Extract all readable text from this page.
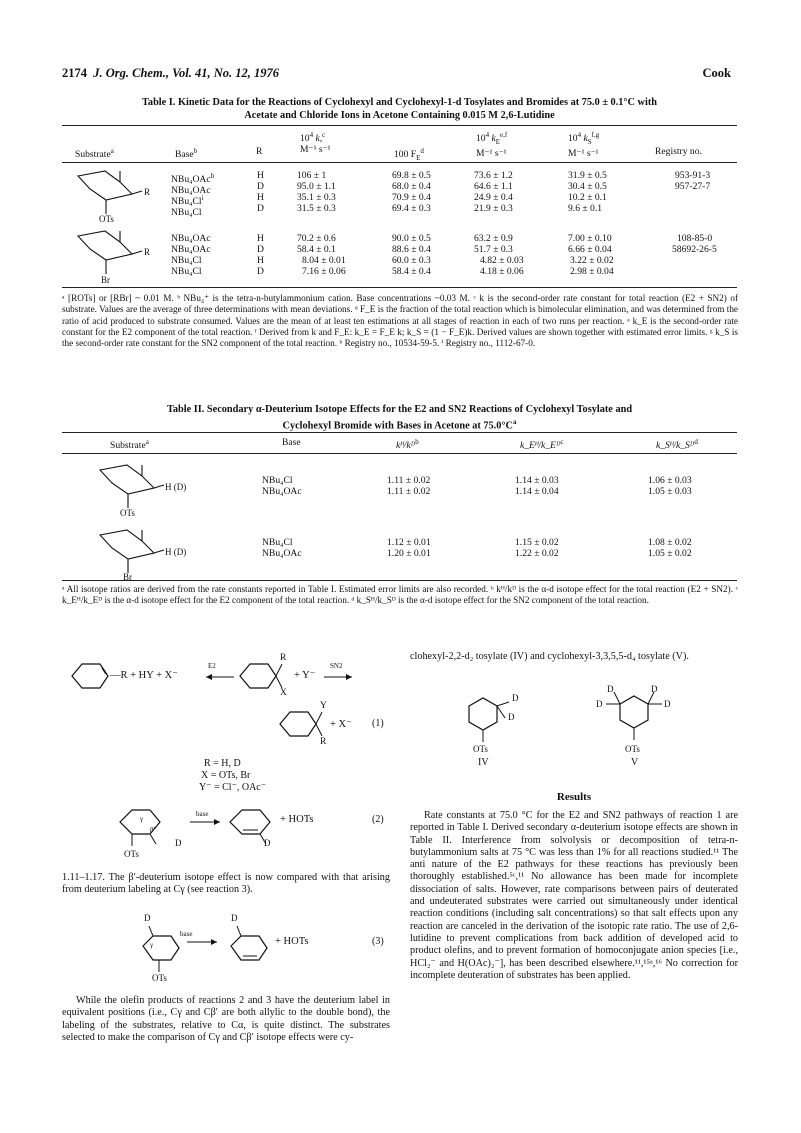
2174 J. Org. Chem., Vol. 41, No. 12, 1976	Cook
Table I. Kinetic Data for the Reactions of Cyclohexyl and Cyclohexyl-1-d Tosylates and Bromides at 75.0 ± 0.1°C with
Acetate and Chloride Ions in Acetone Containing 0.015 M 2,6-Lutidine
Substrate$^a$	Base$^b$	R
$10^4$ k,$^c$
M⁻¹ s⁻¹	100 $F_E^d$
$10^4$ $k_E^{e,f}$
M⁻¹ s⁻¹
$10^4$ $k_S^{f,g}$
M⁻¹ s⁻¹	Registry no.
R
OTs
R
Br
NBu₄OAc$^h$	H	106 ± 1	69.8 ± 0.5	73.6 ± 1.2	31.9 ± 0.5	953-91-3
NBu₄OAc	D	95.0 ± 1.1	68.0 ± 0.4	64.6 ± 1.1	30.4 ± 0.5	957-27-7
NBu₄Cl$^i$	H	35.1 ± 0.3	70.9 ± 0.4	24.9 ± 0.4	10.2 ± 0.1
NBu₄Cl	D	31.5 ± 0.3	69.4 ± 0.3	21.9 ± 0.3	9.6 ± 0.1
NBu₄OAc	H	70.2 ± 0.6	90.0 ± 0.5	63.2 ± 0.9	7.00 ± 0.10	108-85-0
NBu₄OAc	D	58.4 ± 0.1	88.6 ± 0.4	51.7 ± 0.3	6.66 ± 0.04	58692-26-5
NBu₄Cl	H	8.04 ± 0.01	60.0 ± 0.3	4.82 ± 0.03	3.22 ± 0.02
NBu₄Cl	D	7.16 ± 0.06	58.4 ± 0.4	4.18 ± 0.06	2.98 ± 0.04
ᵃ [ROTs] or [RBr] ~ 0.01 M. ᵇ NBu₄⁺ is the tetra-n-butylammonium cation. Base concentrations ~0.03 M. ᶜ k is the second-order rate constant for total reaction (E2 + SN2) of substrate. Values are the average of three determinations with mean deviations. ᵈ F_E is the fraction of the total reaction which is bimolecular elimination, and was determined from the ratio of acid produced to substrate consumed. Values are the mean of at least ten estimations at all stages of reaction in each of two runs per reaction. ᵉ k_E is the second-order rate constant for the E2 component of the total reaction. ᶠ Derived from k and F_E: k_E = F_E k; k_S = (1 − F_E)k. Derived values are shown together with estimated error limits. ᵍ k_S is the second-order rate constant for the SN2 component of the total reaction. ʰ Registry no., 10534-59-5. ⁱ Registry no., 1112-67-0.
Table II. Secondary α-Deuterium Isotope Effects for the E2 and SN2 Reactions of Cyclohexyl Tosylate and
Cyclohexyl Bromide with Bases in Acetone at $75.0^\circ C^a$
Substrate$^a$	Base	kᴴ/kᴰ$^b$	k_Eᴴ/k_Eᴰ$^c$	k_Sᴴ/k_Sᴰ$^d$
H (D)
OTs
H (D)
Br
NBu₄Cl	1.11 ± 0.02	1.14 ± 0.03	1.06 ± 0.03
NBu₄OAc	1.11 ± 0.02	1.14 ± 0.04	1.05 ± 0.03
NBu₄Cl	1.12 ± 0.01	1.15 ± 0.02	1.08 ± 0.02
NBu₄OAc	1.20 ± 0.01	1.22 ± 0.02	1.05 ± 0.02
ᵃ All isotope ratios are derived from the rate constants reported in Table I. Estimated error limits are also recorded. ᵇ kᴴ/kᴰ is the α-d isotope effect for the total reaction (E2 + SN2). ᶜ k_Eᴴ/k_Eᴰ is the α-d isotope effect for the E2 component of the total reaction. ᵈ k_Sᴴ/k_Sᴰ is the α-d isotope effect for the SN2 component of the total reaction.
—R + HY + X⁻
E2
R
X
+ Y⁻
SN2
Y
R
+ X⁻ (1)
R = H, D
X = OTs, Br
Y⁻ = Cl⁻, OAc⁻
γ
β′
D
OTs
base
D
+ HOTs	(2)
1.11–1.17. The β′-deuterium isotope effect is now compared with that arising from deuterium labeling at Cγ (see reaction 3).
D
γ
OTs
base
D
+ HOTs	(3)
While the olefin products of reactions 2 and 3 have the deuterium label in equivalent positions (i.e., Cγ and Cβ′ are both allylic to the double bond), the labeling of the substrates, relative to Cα, is quite distinct. The substrates selected to make the comparison of Cγ and Cβ′ isotope effects were cy-
clohexyl-2,2-d₂ tosylate (IV) and cyclohexyl-3,3,5,5-d₄ tosylate (V).
D
D
OTs
IV
D
D
D
D
OTs
V
Results
Rate constants at 75.0 °C for the E2 and SN2 pathways of reaction 1 are reported in Table I. Derived secondary α-deuterium isotope effects are shown in Table II. Interference from solvolysis or decomposition of tetra-n-butylammonium salts at 75 °C was less than 1% for all reactions studied.¹¹ The anti nature of the E2 pathways for these reactions has previously been thoroughly established.⁵ᶜ,¹¹ No allowance has been made for incomplete dissociation of salts. However, rate comparisons between pairs of deuterated and undeuterated substrates were carried out simultaneously under identical reaction conditions (including salt concentrations) so that salt effects upon any reaction are canceled in the derivation of the isotopic rate ratio. The use of 2,6-lutidine to prevent complications from back addition of developed acid to product olefins, and to prevent formation of homoconjugate anion species [i.e., HCl₂⁻ and H(OAc)₂⁻], has been described elsewhere.¹¹,¹⁵ᵃ,¹⁶ No correction for incomplete deuteration of substrates has been applied.
